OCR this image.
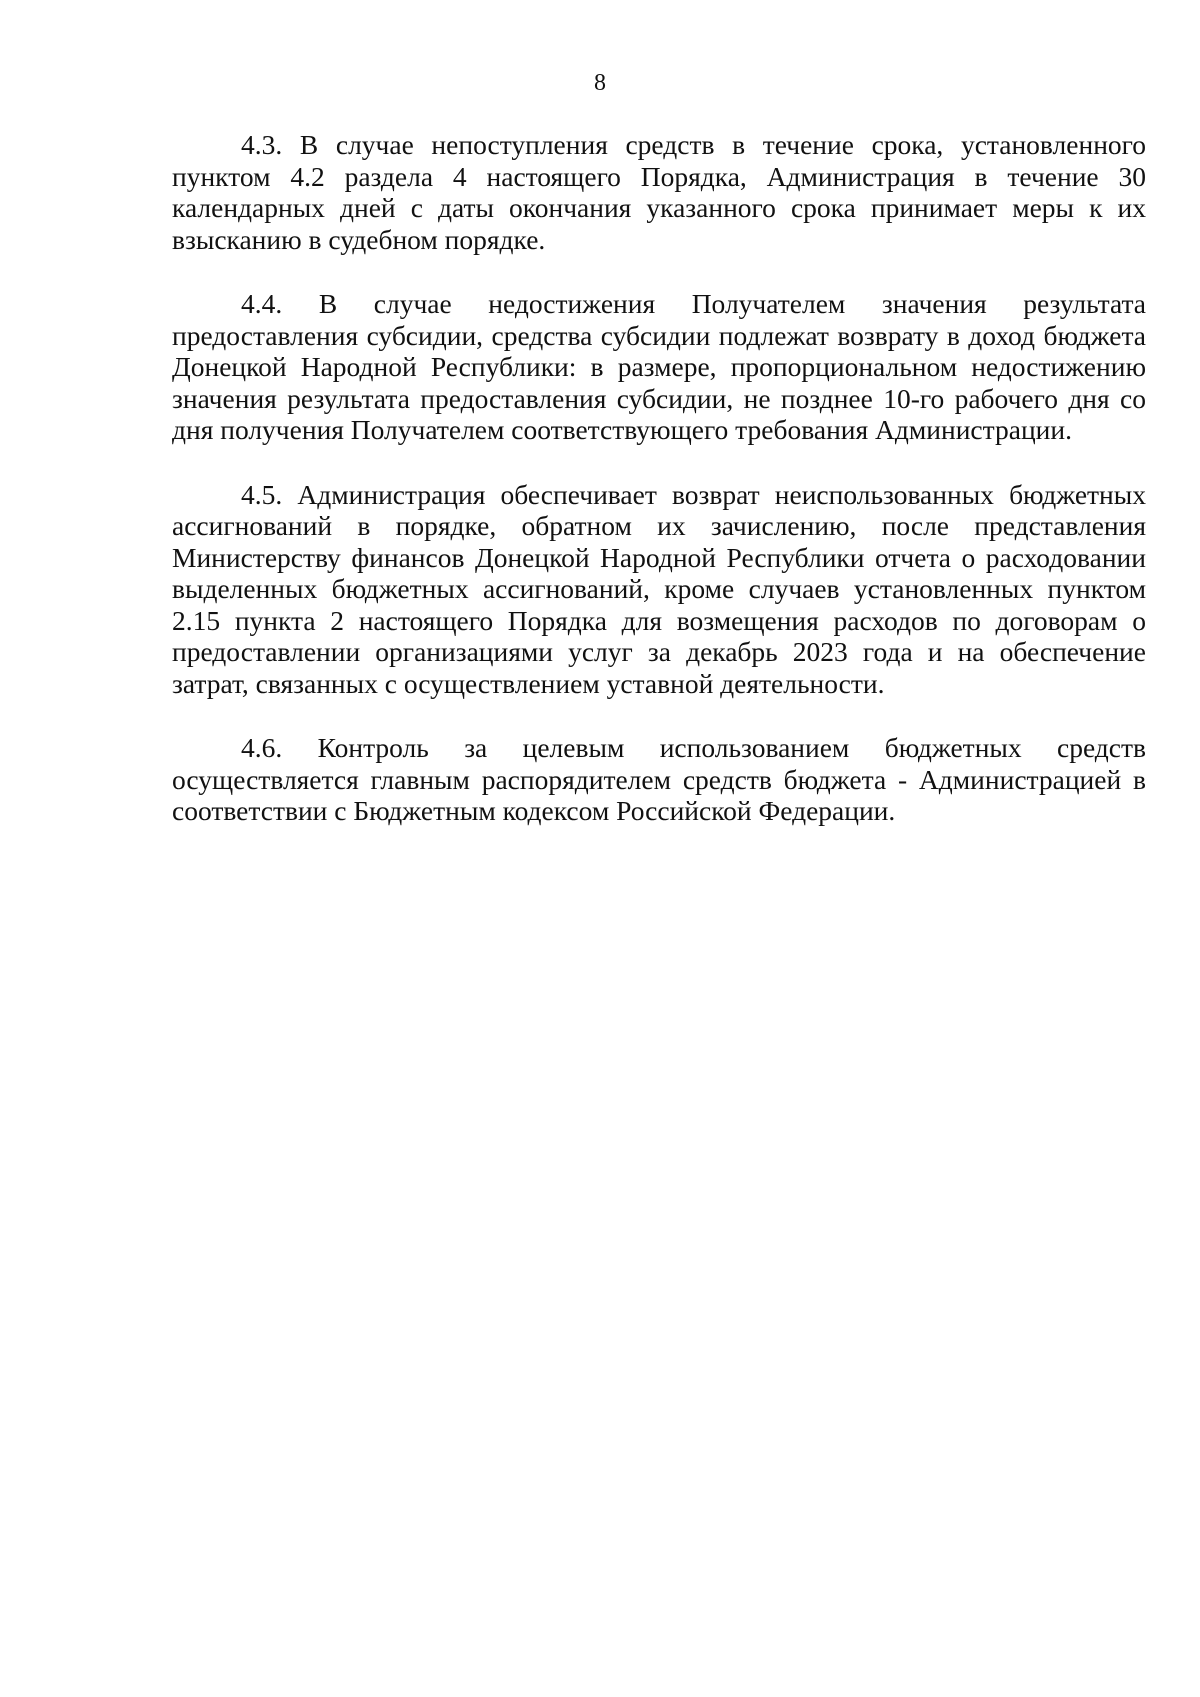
8

4.3. В случае непоступления средств в течение срока, установленного пунктом 4.2 раздела 4 настоящего Порядка, Администрация в течение 30 календарных дней с даты окончания указанного срока принимает меры к их взысканию в судебном порядке.

4.4. В случае недостижения Получателем значения результата предоставления субсидии, средства субсидии подлежат возврату в доход бюджета Донецкой Народной Республики: в размере, пропорциональном недостижению значения результата предоставления субсидии, не позднее 10-го рабочего дня со дня получения Получателем соответствующего требования Администрации.

4.5. Администрация обеспечивает возврат неиспользованных бюджетных ассигнований в порядке, обратном их зачислению, после представления Министерству финансов Донецкой Народной Республики отчета о расходовании выделенных бюджетных ассигнований, кроме случаев установленных пунктом 2.15 пункта 2 настоящего Порядка для возмещения расходов по договорам о предоставлении организациями услуг за декабрь 2023 года и на обеспечение затрат, связанных с осуществлением уставной деятельности.

4.6. Контроль за целевым использованием бюджетных средств осуществляется главным распорядителем средств бюджета - Администрацией в соответствии с Бюджетным кодексом Российской Федерации.
